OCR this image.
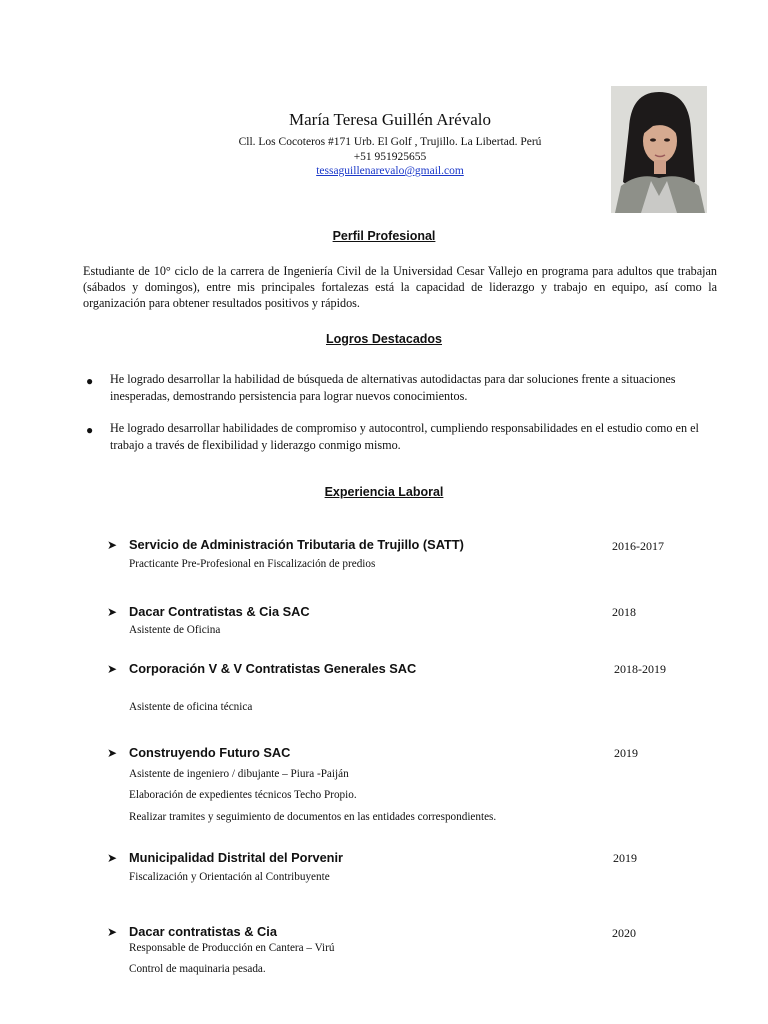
María Teresa Guillén Arévalo
Cll. Los Cocoteros #171 Urb. El Golf , Trujillo. La Libertad. Perú
+51 951925655
tessaguillenarevalo@gmail.com
Perfil Profesional
Estudiante de 10° ciclo de la carrera de Ingeniería Civil de la Universidad Cesar Vallejo en programa para adultos que trabajan (sábados y domingos), entre mis principales fortalezas está la capacidad de liderazgo y trabajo en equipo, así como la organización para obtener resultados positivos y rápidos.
Logros Destacados
● He logrado desarrollar la habilidad de búsqueda de alternativas autodidactas para dar soluciones frente a situaciones inesperadas, demostrando persistencia para lograr nuevos conocimientos.
● He logrado desarrollar habilidades de compromiso y autocontrol, cumpliendo responsabilidades en el estudio como en el trabajo a través de flexibilidad y liderazgo conmigo mismo.
Experiencia Laboral
➤ Servicio de Administración Tributaria de Trujillo (SATT)	2016-2017
Practicante Pre-Profesional en Fiscalización de predios
➤ Dacar Contratistas & Cia SAC	2018
Asistente de Oficina
➤ Corporación V & V Contratistas Generales SAC	2018-2019
Asistente de oficina técnica
➤ Construyendo Futuro SAC	2019
Asistente de ingeniero / dibujante – Piura -Paiján
Elaboración de expedientes técnicos Techo Propio.
Realizar tramites y seguimiento de documentos en las entidades correspondientes.
➤ Municipalidad Distrital del Porvenir	2019
Fiscalización y Orientación al Contribuyente
➤ Dacar contratistas & Cia	2020
Responsable de Producción en Cantera – Virú
Control de maquinaria pesada.
